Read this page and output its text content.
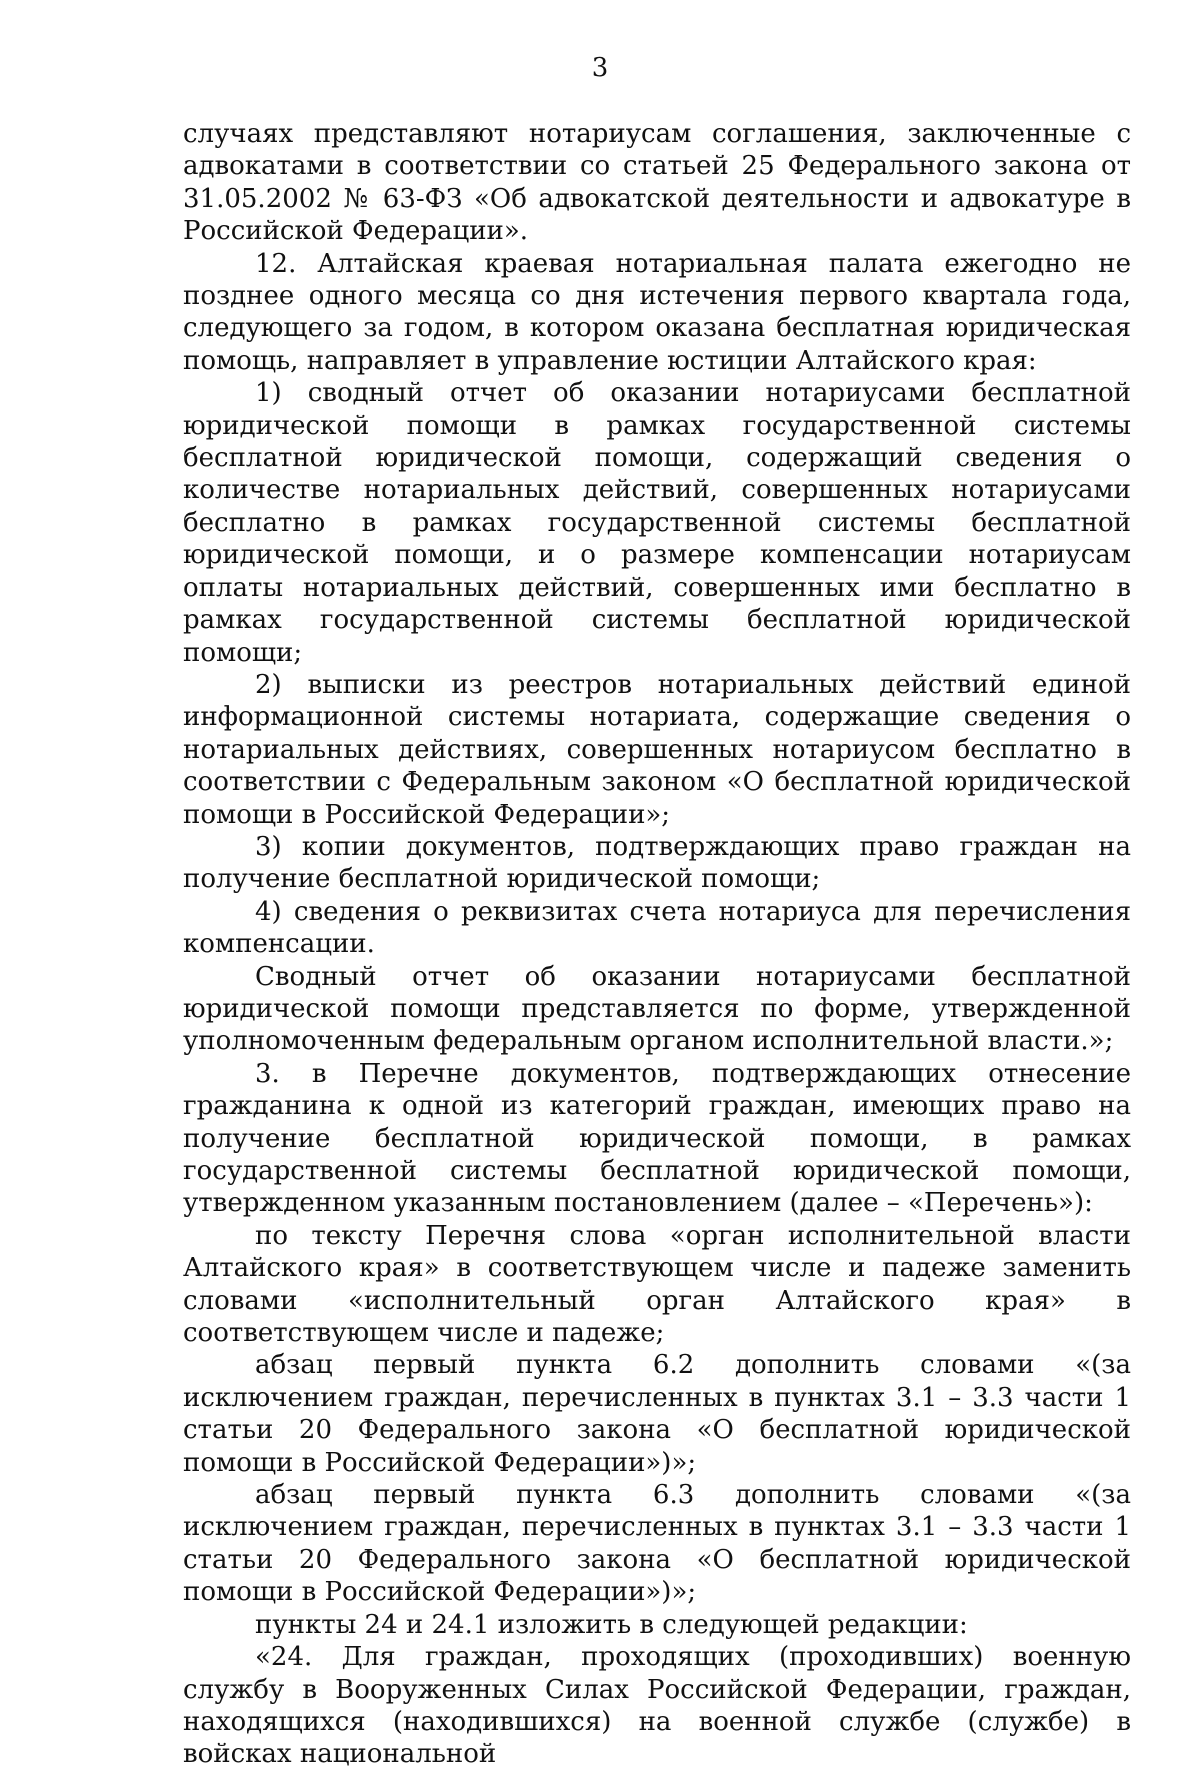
3

случаях представляют нотариусам соглашения, заключенные с адвокатами в соответствии со статьей 25 Федерального закона от 31.05.2002 № 63-ФЗ «Об адвокатской деятельности и адвокатуре в Российской Федерации».

12. Алтайская краевая нотариальная палата ежегодно не позднее одного месяца со дня истечения первого квартала года, следующего за годом, в котором оказана бесплатная юридическая помощь, направляет в управление юстиции Алтайского края:

1) сводный отчет об оказании нотариусами бесплатной юридической помощи в рамках государственной системы бесплатной юридической помощи, содержащий сведения о количестве нотариальных действий, совершенных нотариусами бесплатно в рамках государственной системы бесплатной юридической помощи, и о размере компенсации нотариусам оплаты нотариальных действий, совершенных ими бесплатно в рамках государственной системы бесплатной юридической помощи;

2) выписки из реестров нотариальных действий единой информационной системы нотариата, содержащие сведения о нотариальных действиях, совершенных нотариусом бесплатно в соответствии с Федеральным законом «О бесплатной юридической помощи в Российской Федерации»;

3) копии документов, подтверждающих право граждан на получение бесплатной юридической помощи;

4) сведения о реквизитах счета нотариуса для перечисления компенсации.

Сводный отчет об оказании нотариусами бесплатной юридической помощи представляется по форме, утвержденной уполномоченным федеральным органом исполнительной власти.»;

3. в Перечне документов, подтверждающих отнесение гражданина к одной из категорий граждан, имеющих право на получение бесплатной юридической помощи, в рамках государственной системы бесплатной юридической помощи, утвержденном указанным постановлением (далее – «Перечень»):

по тексту Перечня слова «орган исполнительной власти Алтайского края» в соответствующем числе и падеже заменить словами «исполнительный орган Алтайского края» в соответствующем числе и падеже;

абзац первый пункта 6.2 дополнить словами «(за исключением граждан, перечисленных в пунктах 3.1 – 3.3 части 1 статьи 20 Федерального закона «О бесплатной юридической помощи в Российской Федерации»)»;

абзац первый пункта 6.3 дополнить словами «(за исключением граждан, перечисленных в пунктах 3.1 – 3.3 части 1 статьи 20 Федерального закона «О бесплатной юридической помощи в Российской Федерации»)»;

пункты 24 и 24.1 изложить в следующей редакции:

«24. Для граждан, проходящих (проходивших) военную службу в Вооруженных Силах Российской Федерации, граждан, находящихся (находившихся) на военной службе (службе) в войсках национальной
